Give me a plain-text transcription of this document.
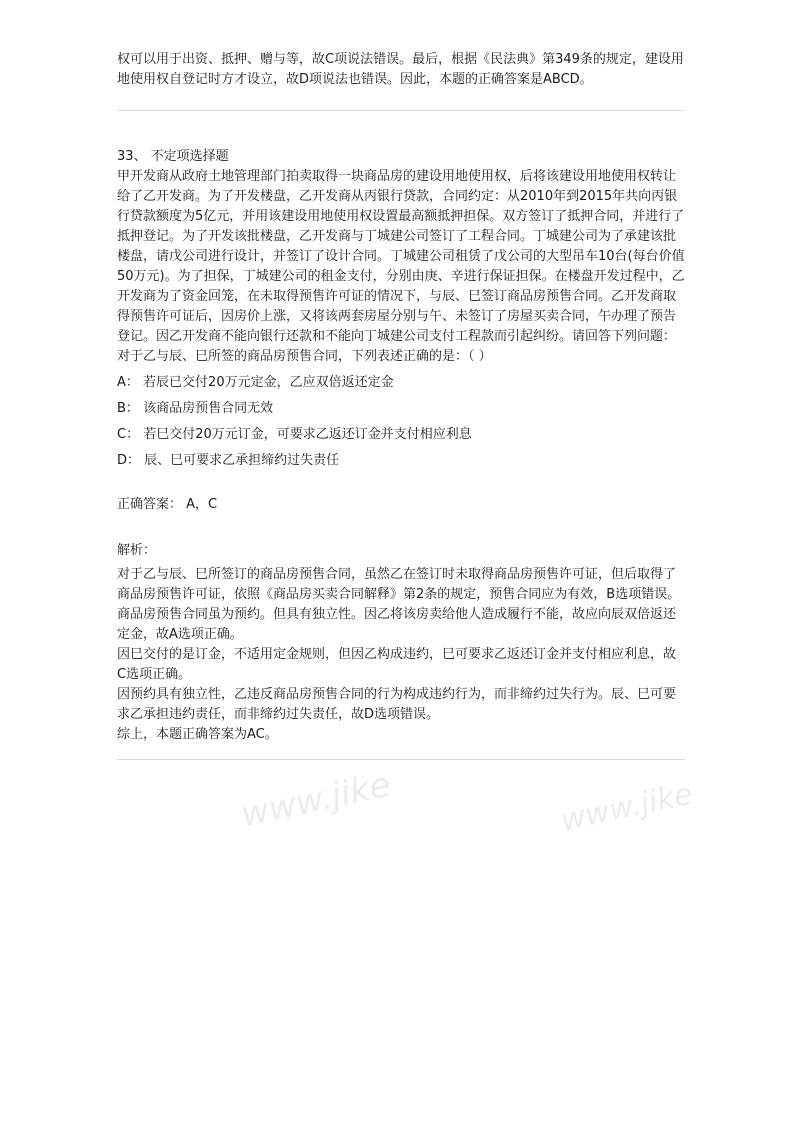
权可以用于出资、抵押、赠与等，故C项说法错误。最后，根据《民法典》第349条的规定，建设用地使用权自登记时方才设立，故D项说法也错误。因此，本题的正确答案是ABCD。

33、 不定项选择题

甲开发商从政府土地管理部门拍卖取得一块商品房的建设用地使用权，后将该建设用地使用权转让给了乙开发商。为了开发楼盘，乙开发商从丙银行贷款，合同约定：从2010年到2015年共向丙银行贷款额度为5亿元，并用该建设用地使用权设置最高额抵押担保。双方签订了抵押合同，并进行了抵押登记。为了开发该批楼盘，乙开发商与丁城建公司签订了工程合同。丁城建公司为了承建该批楼盘，请戊公司进行设计，并签订了设计合同。丁城建公司租赁了戊公司的大型吊车10台(每台价值50万元)。为了担保，丁城建公司的租金支付，分别由庚、辛进行保证担保。在楼盘开发过程中，乙开发商为了资金回笼，在未取得预售许可证的情况下，与辰、巳签订商品房预售合同。乙开发商取得预售许可证后，因房价上涨，又将该两套房屋分别与午、未签订了房屋买卖合同，午办理了预告登记。因乙开发商不能向银行还款和不能向丁城建公司支付工程款而引起纠纷。请回答下列问题：

对于乙与辰、巳所签的商品房预售合同，下列表述正确的是：（ ）

A： 若辰已交付20万元定金，乙应双倍返还定金

B： 该商品房预售合同无效

C： 若巳交付20万元订金，可要求乙返还订金并支付相应利息

D： 辰、巳可要求乙承担缔约过失责任

正确答案： A，C

解析：

对于乙与辰、巳所签订的商品房预售合同，虽然乙在签订时未取得商品房预售许可证，但后取得了商品房预售许可证，依照《商品房买卖合同解释》第2条的规定，预售合同应为有效，B选项错误。
商品房预售合同虽为预约。但具有独立性。因乙将该房卖给他人造成履行不能，故应向辰双倍返还定金，故A选项正确。
因巳交付的是订金，不适用定金规则，但因乙构成违约，巳可要求乙返还订金并支付相应利息，故C选项正确。
因预约具有独立性，乙违反商品房预售合同的行为构成违约行为，而非缔约过失行为。辰、巳可要求乙承担违约责任，而非缔约过失责任，故D选项错误。
综上，本题正确答案为AC。
www.jike	www.jike
